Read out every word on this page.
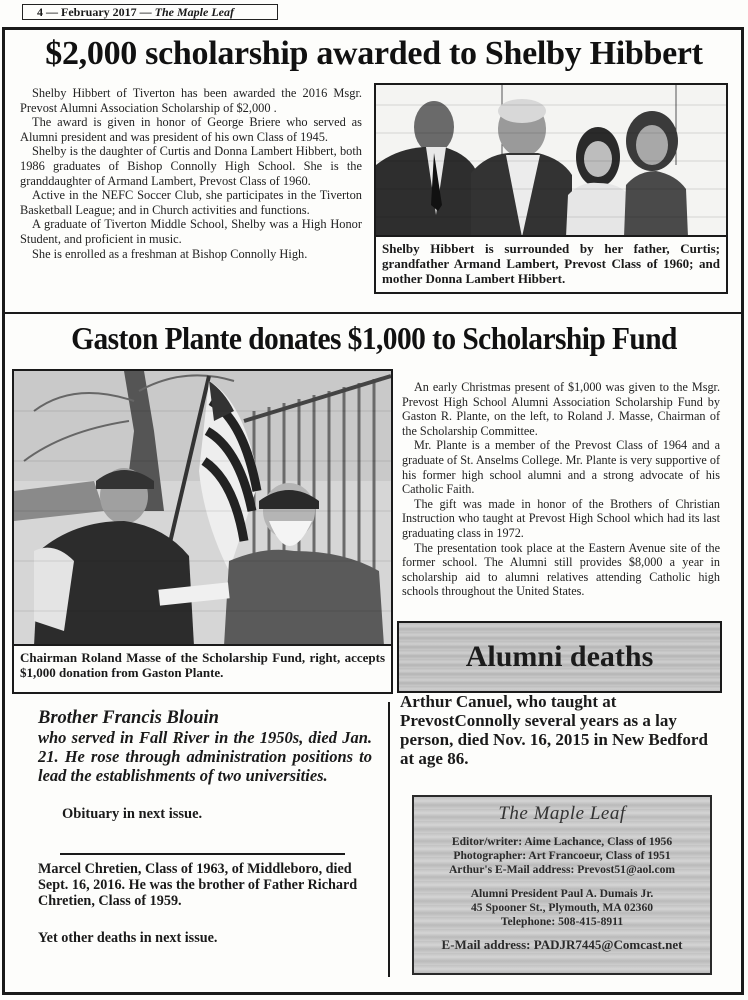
4 — February 2017 — The Maple Leaf
$2,000 scholarship awarded to Shelby Hibbert

Shelby Hibbert of Tiverton has been awarded the 2016 Msgr. Prevost Alumni Association Scholarship of $2,000 .

The award is given in honor of George Briere who served as Alumni president and was president of his own Class of 1945.

Shelby is the daughter of Curtis and Donna Lambert Hibbert, both 1986 graduates of Bishop Connolly High School. She is the granddaughter of Armand Lambert, Prevost Class of 1960.

Active in the NEFC Soccer Club, she participates in the Tiverton Basketball League; and in Church activities and functions.

A graduate of Tiverton Middle School, Shelby was a High Honor Student, and proficient in music.

She is enrolled as a freshman at Bishop Connolly High.	Shelby Hibbert is surrounded by her father, Curtis; grandfather Armand Lambert, Prevost Class of 1960; and mother Donna Lambert Hibbert.
Gaston Plante donates $1,000 to Scholarship Fund
Chairman Roland Masse of the Scholarship Fund, right, accepts $1,000 donation from Gaston Plante.

An early Christmas present of $1,000 was given to the Msgr. Prevost High School Alumni Association Scholarship Fund by Gaston R. Plante, on the left, to Roland J. Masse, Chairman of the Scholarship Committee.

Mr. Plante is a member of the Prevost Class of 1964 and a graduate of St. Anselms College. Mr. Plante is very supportive of his former high school alumni and a strong advocate of his Catholic Faith.

The gift was made in honor of the Brothers of Christian Instruction who taught at Prevost High School which had its last graduating class in 1972.

The presentation took place at the Eastern Avenue site of the former school. The Alumni still provides $8,000 a year in scholarship aid to alumni relatives attending Catholic high schools throughout the United States.

Alumni deaths
Arthur Canuel, who taught at PrevostConnolly several years as a lay person, died Nov. 16, 2015 in New Bedford at age 86.
Brother Francis Blouin
who served in Fall River in the 1950s, died Jan. 21. He rose through administration positions to lead the establishments of two universities.
Obituary in next issue.
Marcel Chretien, Class of 1963, of Middleboro, died Sept. 16, 2016. He was the brother of Father Richard Chretien, Class of 1959.
Yet other deaths in next issue.
The Maple Leaf
Editor/writer: Aime Lachance, Class of 1956
Photographer: Art Francoeur, Class of 1951
Arthur's E-Mail address: Prevost51@aol.com
Alumni President Paul A. Dumais Jr.
45 Spooner St., Plymouth, MA 02360
Telephone: 508-415-8911
E-Mail address: PADJR7445@Comcast.net
